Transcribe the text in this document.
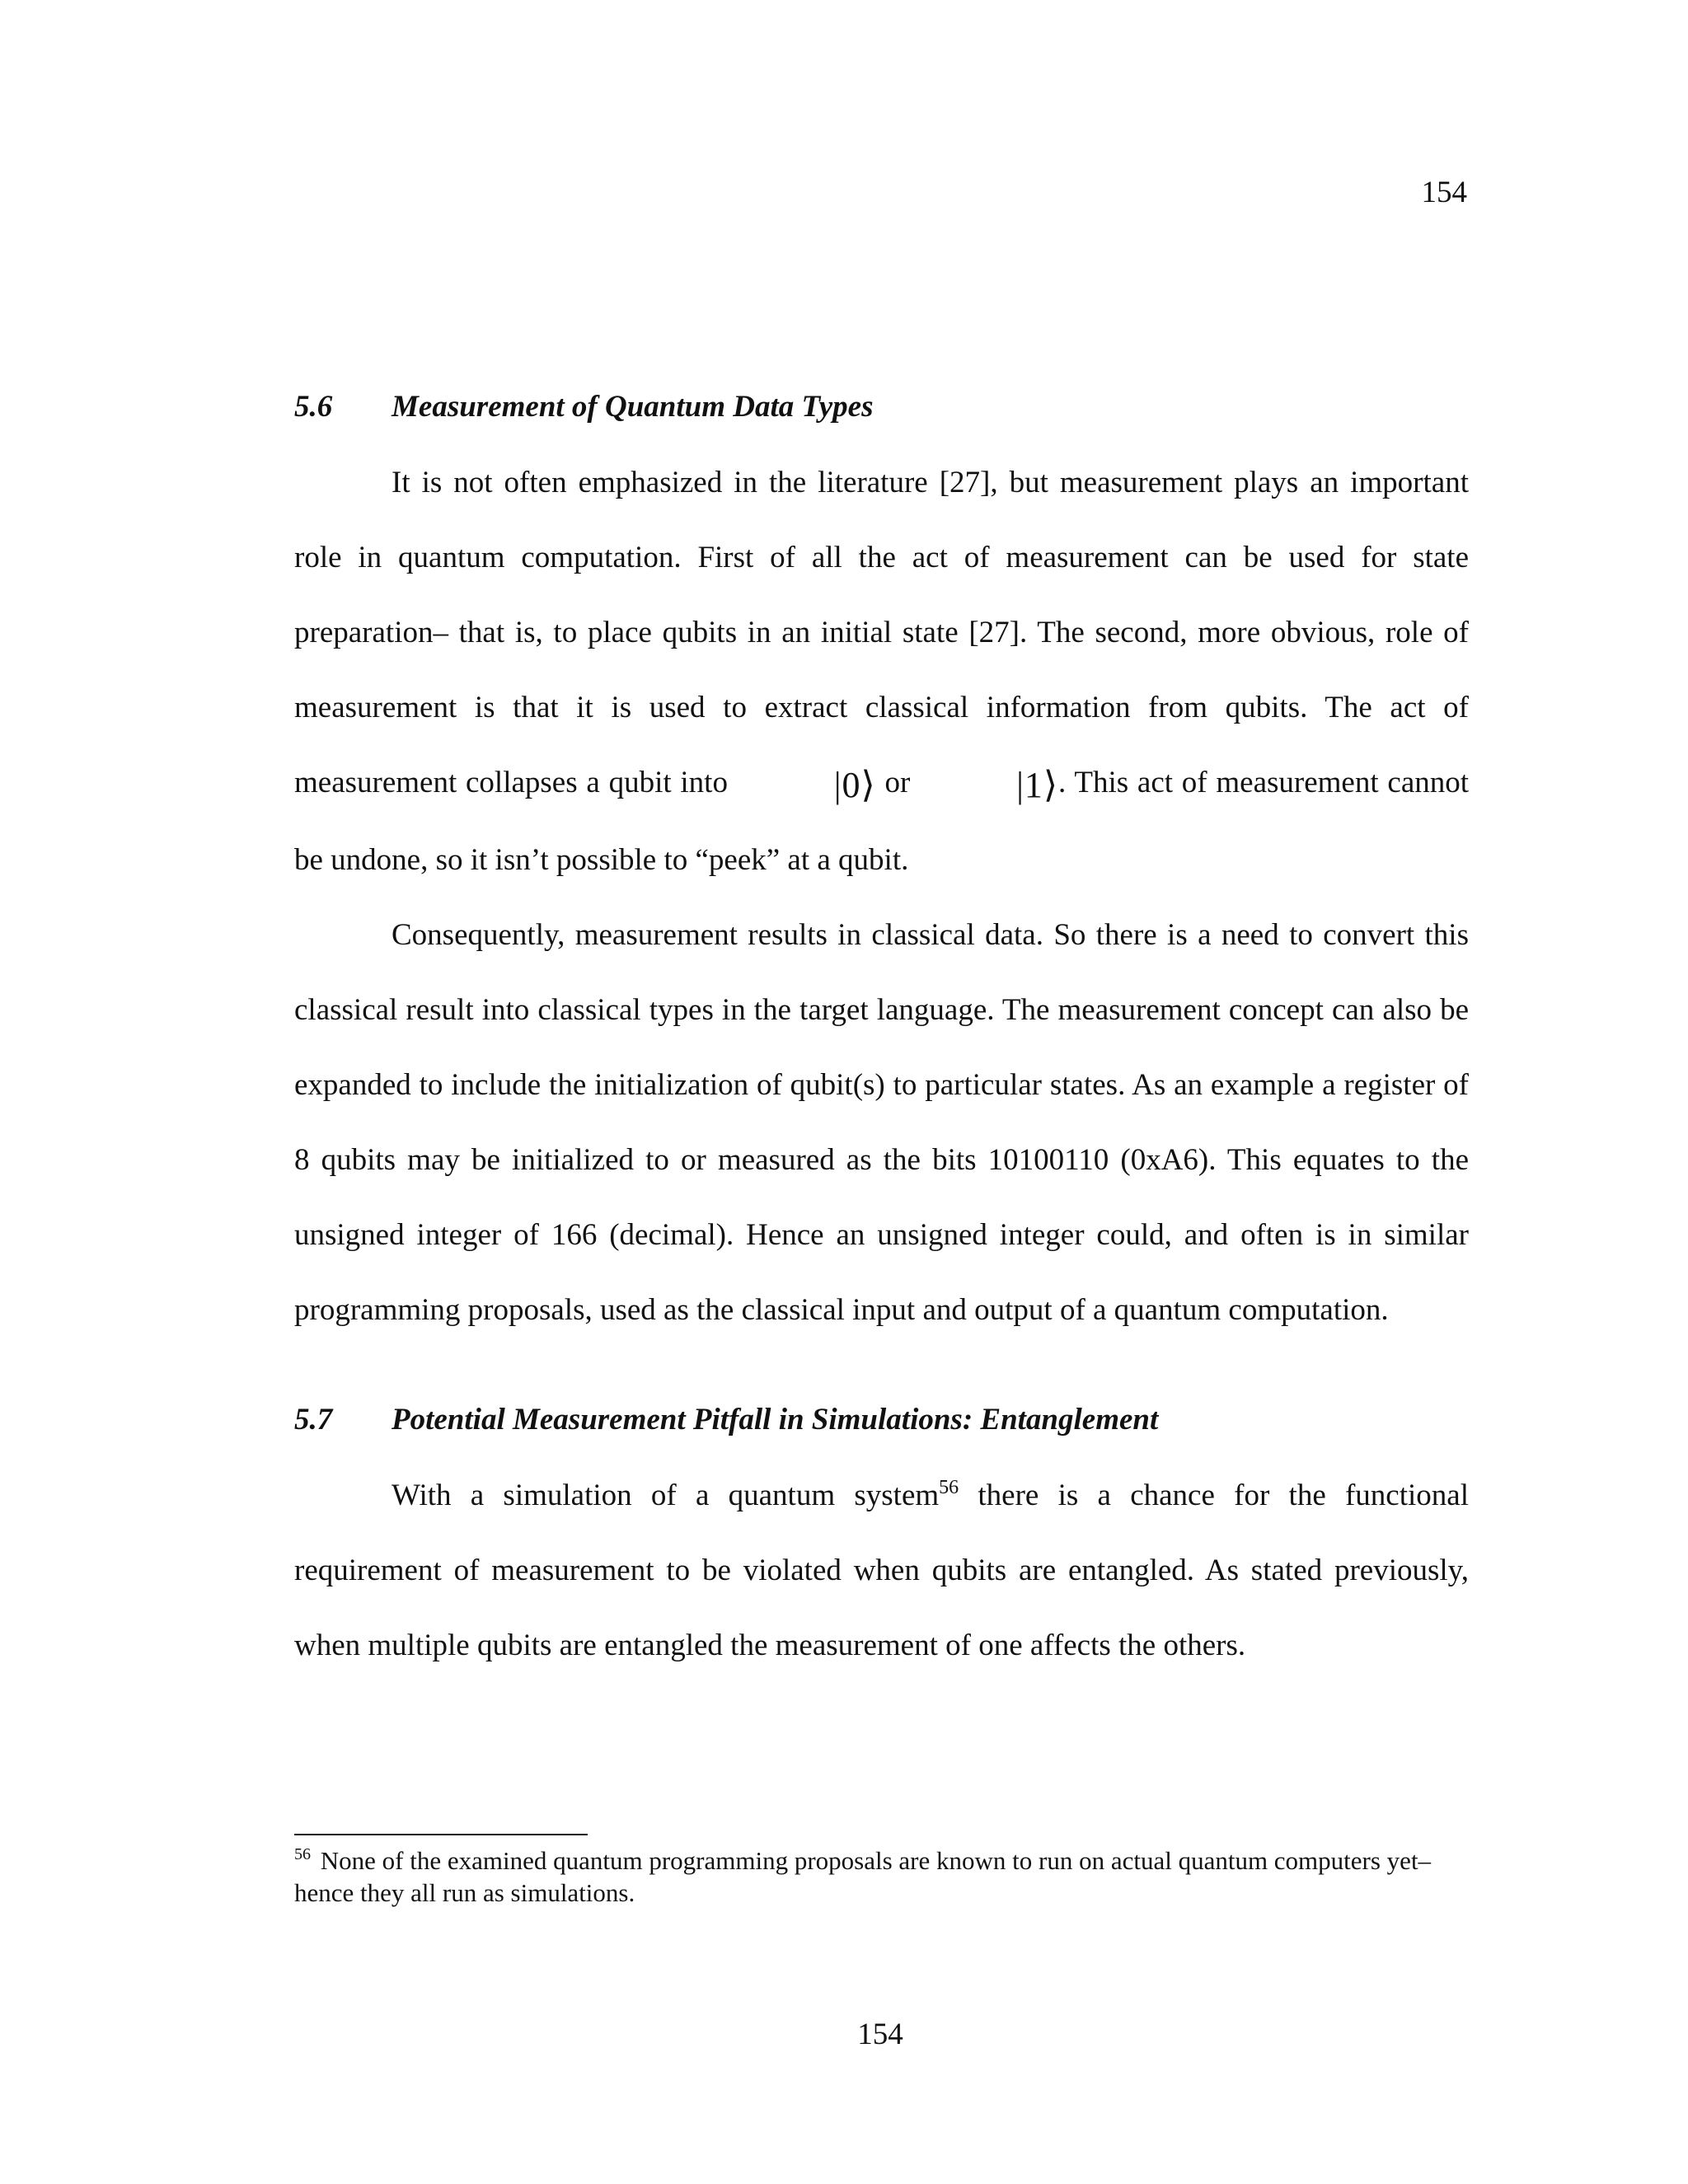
154
5.6	Measurement of Quantum Data Types

It is not often emphasized in the literature [27], but measurement plays an important role in quantum computation. First of all the act of measurement can be used for state preparation– that is, to place qubits in an initial state [27]. The second, more obvious, role of measurement is that it is used to extract classical information from qubits. The act of measurement collapses a qubit into	|0⟩ or	|1⟩. This act of measurement cannot be undone, so it isn’t possible to “peek” at a qubit.

Consequently, measurement results in classical data. So there is a need to convert this classical result into classical types in the target language. The measurement concept can also be expanded to include the initialization of qubit(s) to particular states. As an example a register of 8 qubits may be initialized to or measured as the bits 10100110 (0xA6). This equates to the unsigned integer of 166 (decimal). Hence an unsigned integer could, and often is in similar programming proposals, used as the classical input and output of a quantum computation.

5.7	Potential Measurement Pitfall in Simulations: Entanglement

With a simulation of a quantum system$^{56}$ there is a chance for the functional requirement of measurement to be violated when qubits are entangled. As stated previously, when multiple qubits are entangled the measurement of one affects the others.

$^{56}$ None of the examined quantum programming proposals are known to run on actual quantum computers yet– hence they all run as simulations.

154
